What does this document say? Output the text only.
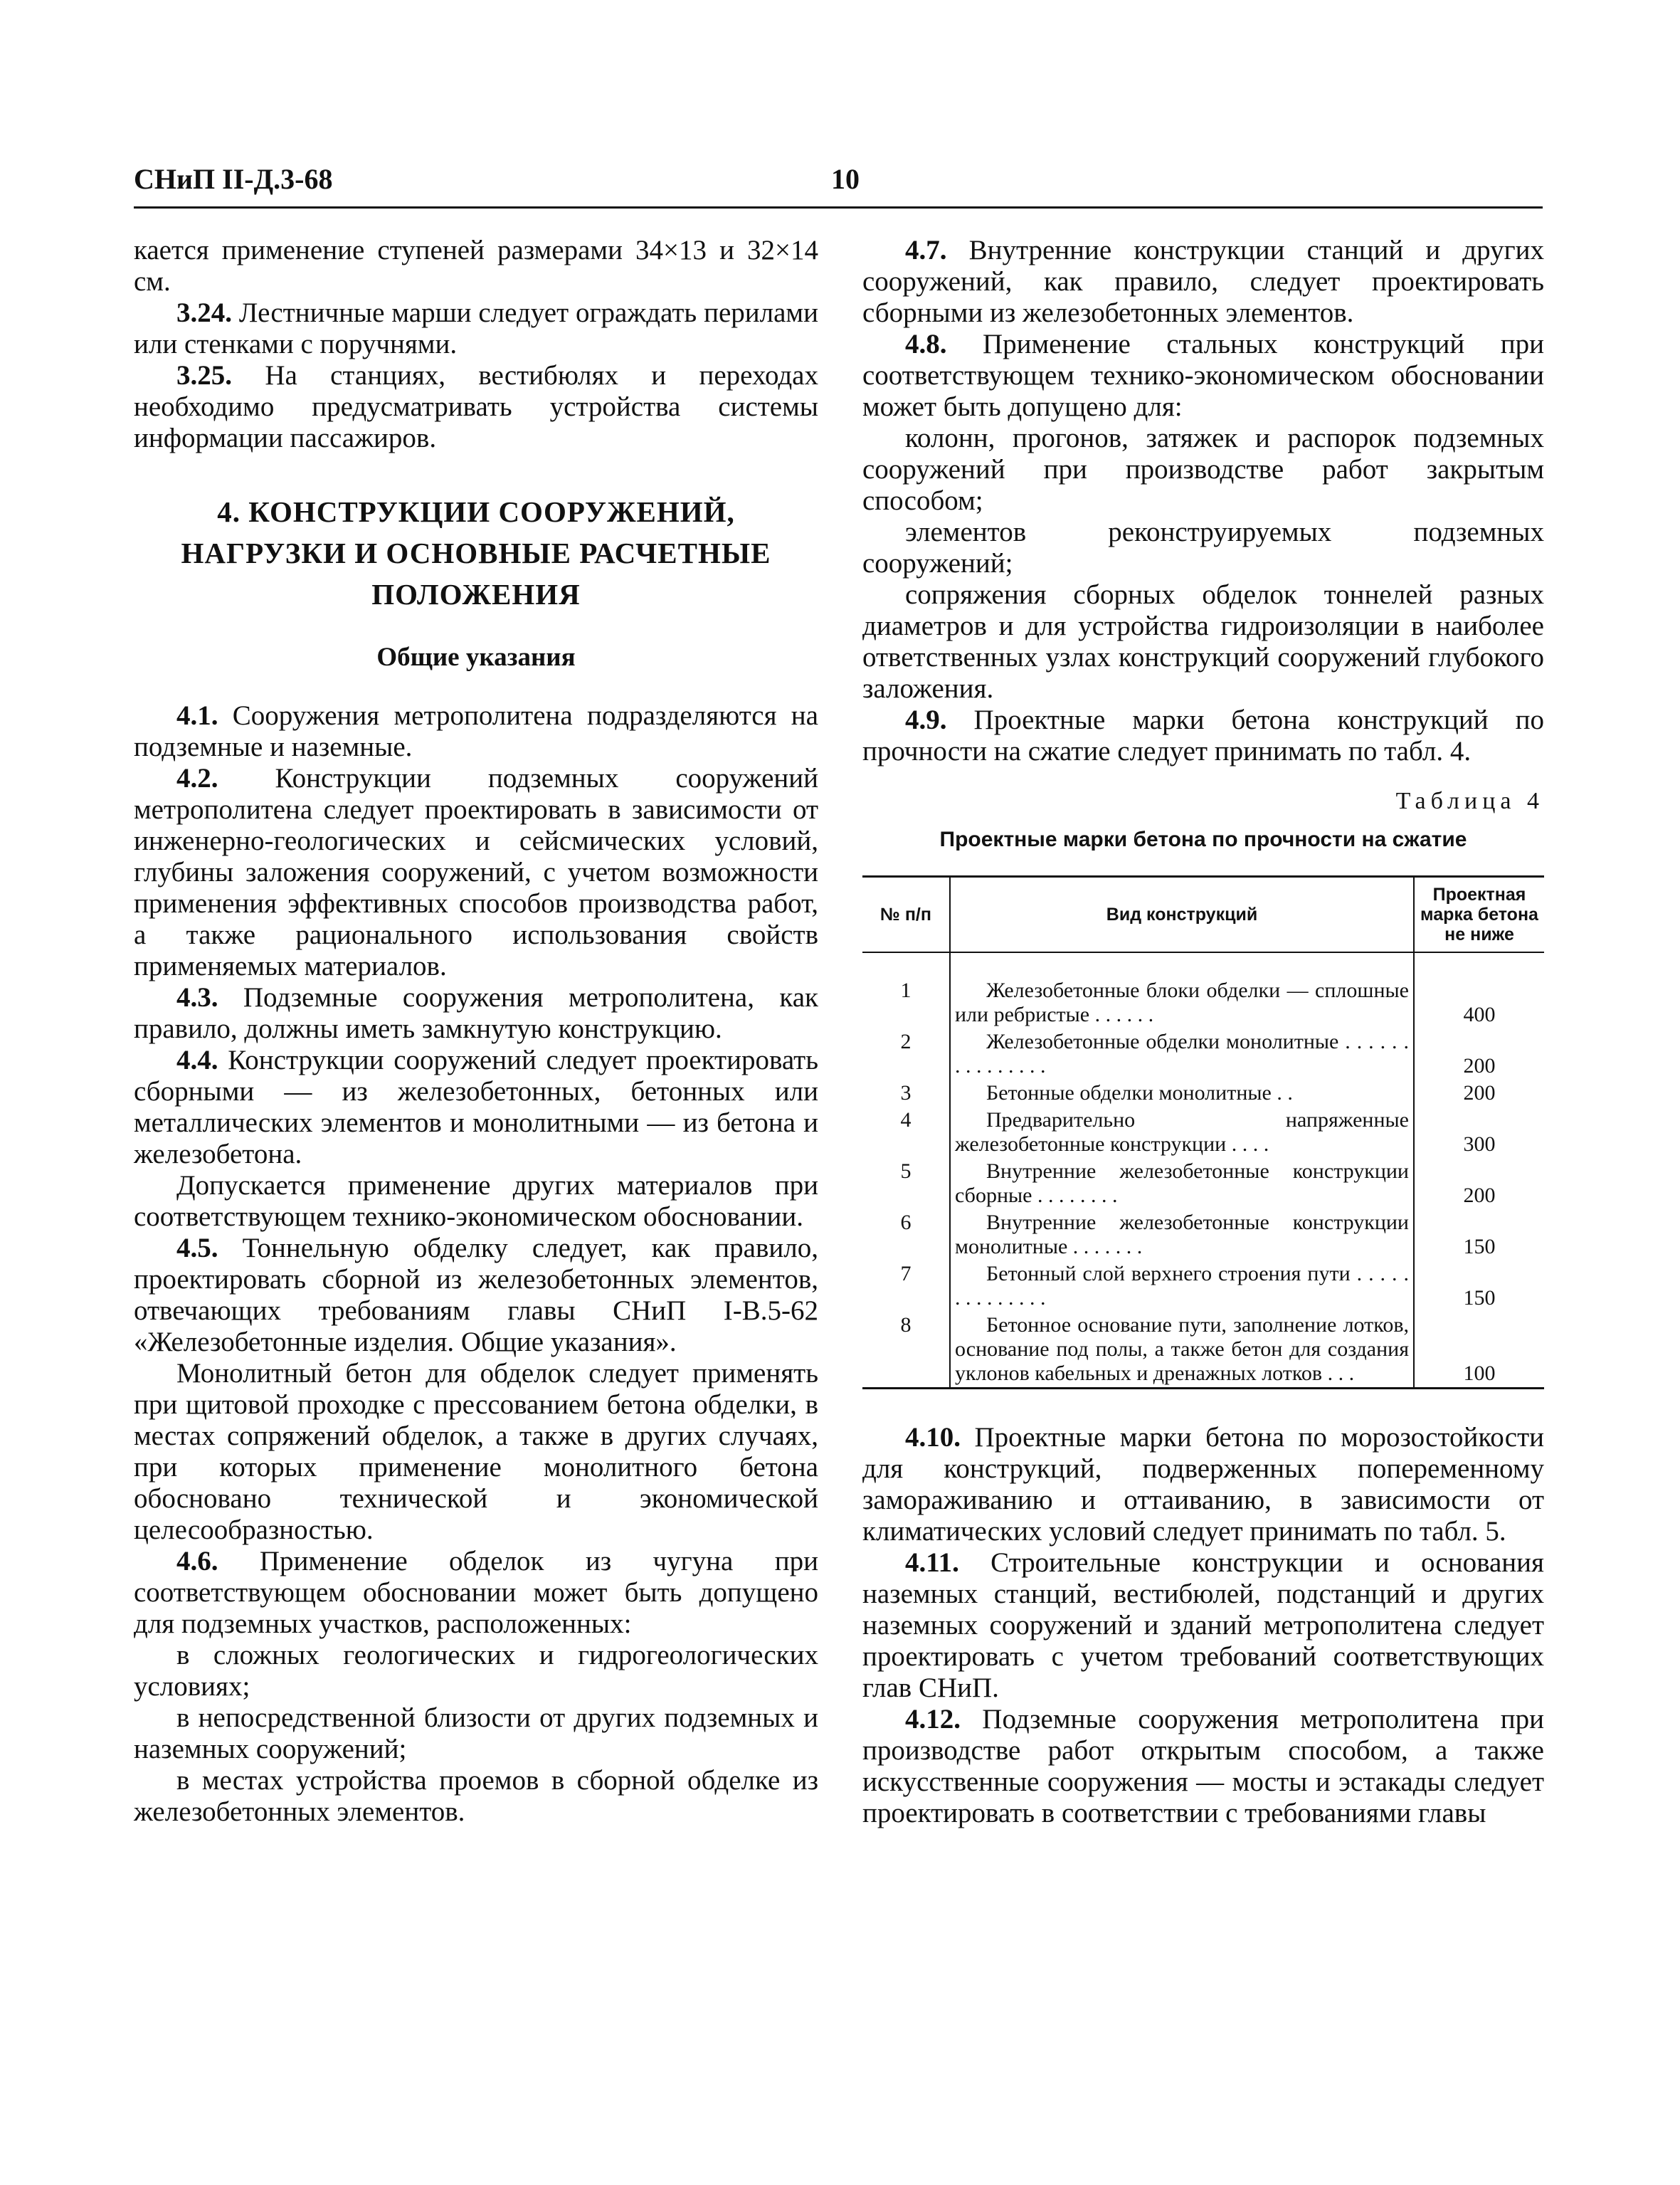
СНиП II-Д.3-68	10

кается применение ступеней размерами 34×13 и 32×14 см.

3.24. Лестничные марши следует ограждать перилами или стенками с поручнями.

3.25. На станциях, вестибюлях и переходах необходимо предусматривать устройства системы информации пассажиров.

4. КОНСТРУКЦИИ СООРУЖЕНИЙ,
НАГРУЗКИ И ОСНОВНЫЕ РАСЧЕТНЫЕ
ПОЛОЖЕНИЯ
Общие указания

4.1. Сооружения метрополитена подразделяются на подземные и наземные.

4.2. Конструкции подземных сооружений метрополитена следует проектировать в зависимости от инженерно-геологических и сейсмических условий, глубины заложения сооружений, с учетом возможности применения эффективных способов производства работ, а также рационального использования свойств применяемых материалов.

4.3. Подземные сооружения метрополитена, как правило, должны иметь замкнутую конструкцию.

4.4. Конструкции сооружений следует проектировать сборными — из железобетонных, бетонных или металлических элементов и монолитными — из бетона и железобетона.

Допускается применение других материалов при соответствующем технико-экономическом обосновании.

4.5. Тоннельную обделку следует, как правило, проектировать сборной из железобетонных элементов, отвечающих требованиям главы СНиП I-В.5-62 «Железобетонные изделия. Общие указания».

Монолитный бетон для обделок следует применять при щитовой проходке с прессованием бетона обделки, в местах сопряжений обделок, а также в других случаях, при которых применение монолитного бетона обосновано технической и экономической целесообразностью.

4.6. Применение обделок из чугуна при соответствующем обосновании может быть допущено для подземных участков, расположенных:

в сложных геологических и гидрогеологических условиях;

в непосредственной близости от других подземных и наземных сооружений;

в местах устройства проемов в сборной обделке из железобетонных элементов.

4.7. Внутренние конструкции станций и других сооружений, как правило, следует проектировать сборными из железобетонных элементов.

4.8. Применение стальных конструкций при соответствующем технико-экономическом обосновании может быть допущено для:

колонн, прогонов, затяжек и распорок подземных сооружений при производстве работ закрытым способом;

элементов реконструируемых подземных сооружений;

сопряжения сборных обделок тоннелей разных диаметров и для устройства гидроизоляции в наиболее ответственных узлах конструкций сооружений глубокого заложения.

4.9. Проектные марки бетона конструкций по прочности на сжатие следует принимать по табл. 4.

Таблица 4
Проектные марки бетона по прочности на сжатие
№ п/п	Вид конструкций	Проектная марка бетона не ниже
1	Железобетонные блоки обделки — сплошные или ребристые . . . . . .	400
2	Железобетонные обделки монолитные . . . . . . . . . . . . . . .	200
3	Бетонные обделки монолитные . .	200
4	Предварительно напряженные железобетонные конструкции . . . .	300
5	Внутренние железобетонные конструкции сборные . . . . . . . .	200
6	Внутренние железобетонные конструкции монолитные . . . . . . .	150
7	Бетонный слой верхнего строения пути . . . . . . . . . . . . . .	150
8	Бетонное основание пути, заполнение лотков, основание под полы, а также бетон для создания уклонов кабельных и дренажных лотков . . .	100

4.10. Проектные марки бетона по морозостойкости для конструкций, подверженных попеременному замораживанию и оттаиванию, в зависимости от климатических условий следует принимать по табл. 5.

4.11. Строительные конструкции и основания наземных станций, вестибюлей, подстанций и других наземных сооружений и зданий метрополитена следует проектировать с учетом требований соответствующих глав СНиП.

4.12. Подземные сооружения метрополитена при производстве работ открытым способом, а также искусственные сооружения — мосты и эстакады следует проектировать в соответствии с требованиями главы
